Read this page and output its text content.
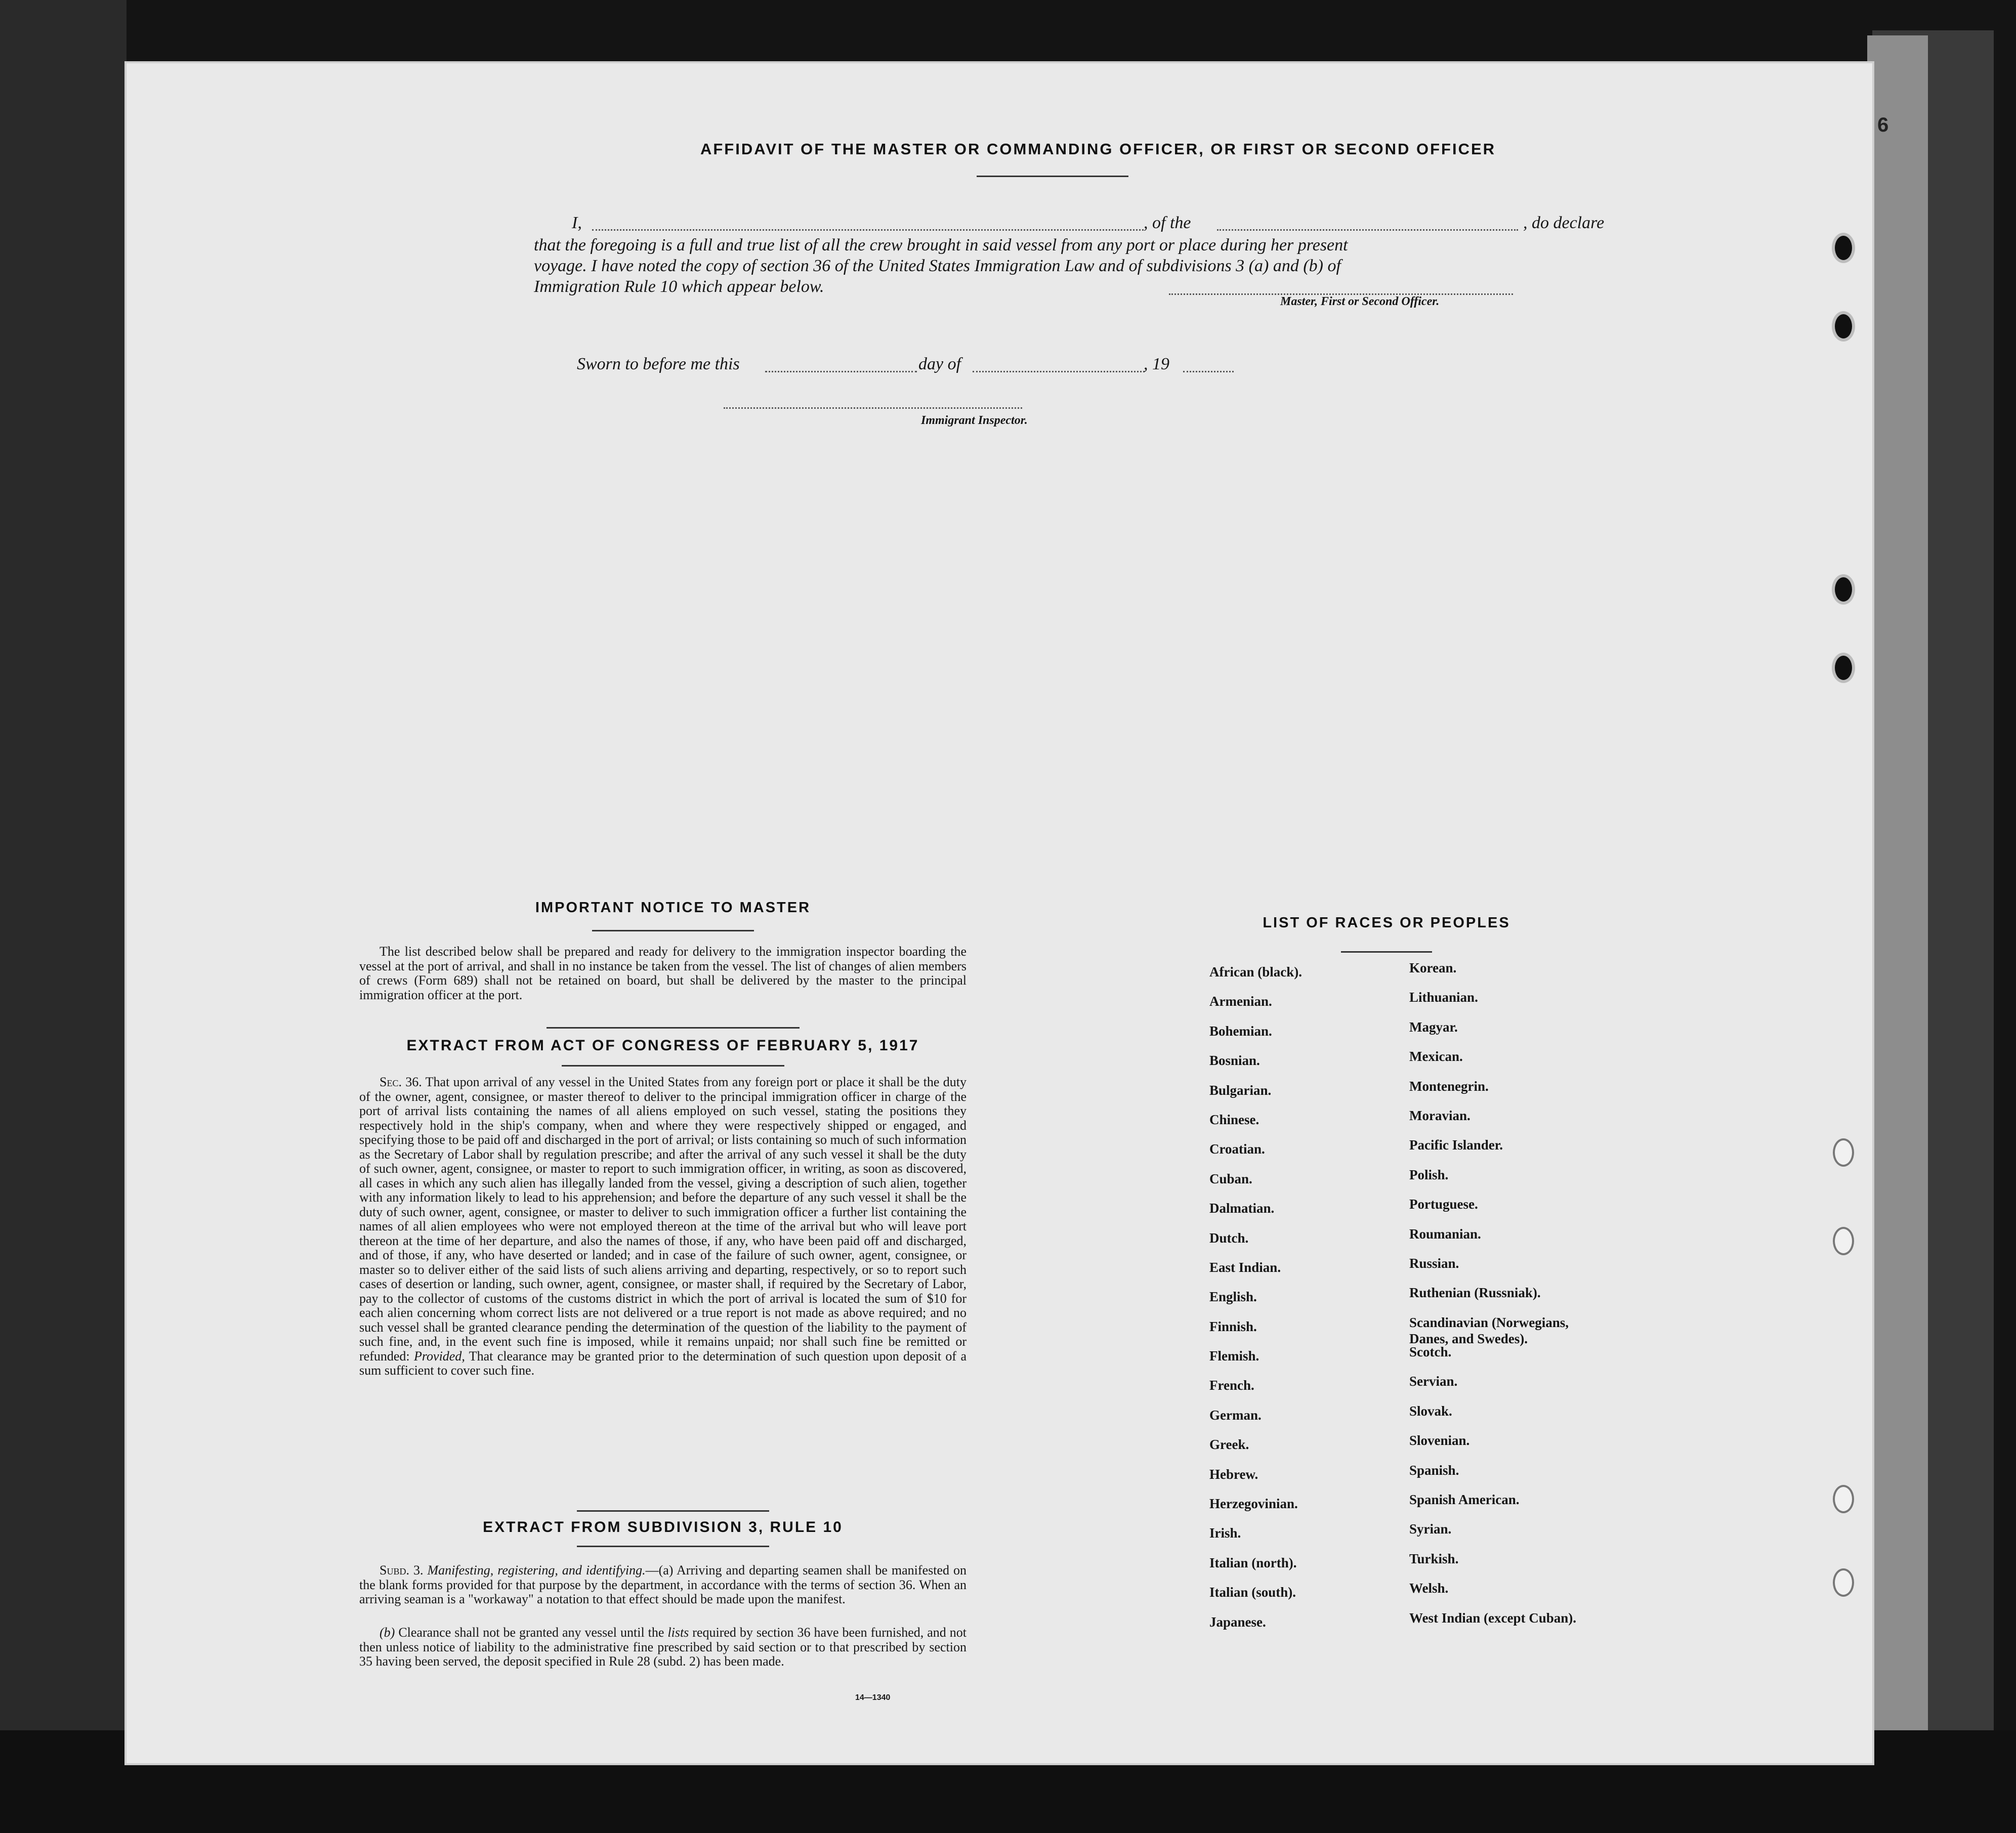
6
AFFIDAVIT OF THE MASTER OR COMMANDING OFFICER, OR FIRST OR SECOND OFFICER
I,	, of the	, do declare
that the foregoing is a full and true list of all the crew brought in said vessel from any port or place during her present
voyage. I have noted the copy of section 36 of the United States Immigration Law and of subdivisions 3 (a) and (b) of
Immigration Rule 10 which appear below.
Master, First or Second Officer.
Sworn to before me this	day of	, 19
Immigrant Inspector.
IMPORTANT NOTICE TO MASTER
The list described below shall be prepared and ready for delivery to the immigration inspector boarding the vessel at the port of arrival, and shall in no instance be taken from the vessel. The list of changes of alien members of crews (Form 689) shall not be retained on board, but shall be delivered by the master to the principal immigration officer at the port.
EXTRACT FROM ACT OF CONGRESS OF FEBRUARY 5, 1917
Sec. 36. That upon arrival of any vessel in the United States from any foreign port or place it shall be the duty of the owner, agent, consignee, or master thereof to deliver to the principal immigration officer in charge of the port of arrival lists containing the names of all aliens employed on such vessel, stating the positions they respectively hold in the ship's company, when and where they were respectively shipped or engaged, and specifying those to be paid off and discharged in the port of arrival; or lists containing so much of such information as the Secretary of Labor shall by regulation prescribe; and after the arrival of any such vessel it shall be the duty of such owner, agent, consignee, or master to report to such immigration officer, in writing, as soon as discovered, all cases in which any such alien has illegally landed from the vessel, giving a description of such alien, together with any information likely to lead to his apprehension; and before the departure of any such vessel it shall be the duty of such owner, agent, consignee, or master to deliver to such immigration officer a further list containing the names of all alien employees who were not employed thereon at the time of the arrival but who will leave port thereon at the time of her departure, and also the names of those, if any, who have been paid off and discharged, and of those, if any, who have deserted or landed; and in case of the failure of such owner, agent, consignee, or master so to deliver either of the said lists of such aliens arriving and departing, respectively, or so to report such cases of desertion or landing, such owner, agent, consignee, or master shall, if required by the Secretary of Labor, pay to the collector of customs of the customs district in which the port of arrival is located the sum of $10 for each alien concerning whom correct lists are not delivered or a true report is not made as above required; and no such vessel shall be granted clearance pending the determination of the question of the liability to the payment of such fine, and, in the event such fine is imposed, while it remains unpaid; nor shall such fine be remitted or refunded: Provided, That clearance may be granted prior to the determination of such question upon deposit of a sum sufficient to cover such fine.
EXTRACT FROM SUBDIVISION 3, RULE 10
Subd. 3. Manifesting, registering, and identifying.—(a) Arriving and departing seamen shall be manifested on the blank forms provided for that purpose by the department, in accordance with the terms of section 36. When an arriving seaman is a "workaway" a notation to that effect should be made upon the manifest.
(b) Clearance shall not be granted any vessel until the lists required by section 36 have been furnished, and not then unless notice of liability to the administrative fine prescribed by said section or to that prescribed by section 35 having been served, the deposit specified in Rule 28 (subd. 2) has been made.
14—1340
LIST OF RACES OR PEOPLES
African (black).
Armenian.
Bohemian.
Bosnian.
Bulgarian.
Chinese.
Croatian.
Cuban.
Dalmatian.
Dutch.
East Indian.
English.
Finnish.
Flemish.
French.
German.
Greek.
Hebrew.
Herzegovinian.
Irish.
Italian (north).
Italian (south).
Japanese.
Korean.
Lithuanian.
Magyar.
Mexican.
Montenegrin.
Moravian.
Pacific Islander.
Polish.
Portuguese.
Roumanian.
Russian.
Ruthenian (Russniak).
Scandinavian (Norwegians, Danes, and Swedes).
Scotch.
Servian.
Slovak.
Slovenian.
Spanish.
Spanish American.
Syrian.
Turkish.
Welsh.
West Indian (except Cuban).
